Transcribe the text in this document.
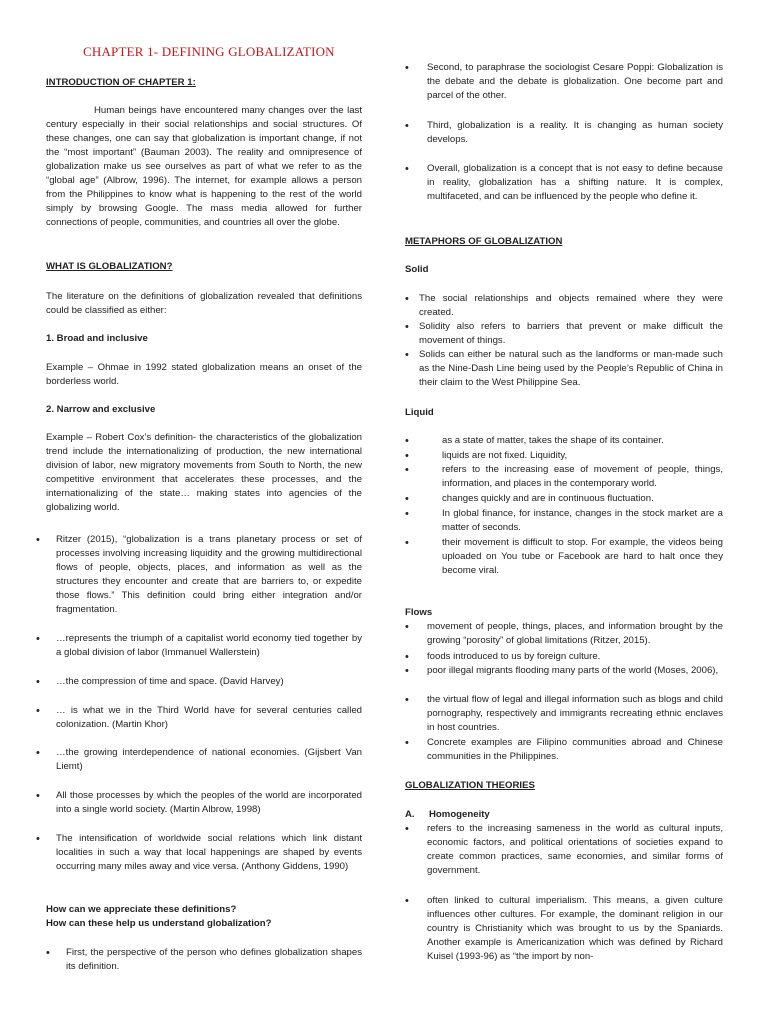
CHAPTER 1- DEFINING GLOBALIZATION
INTRODUCTION OF CHAPTER 1:

Human beings have encountered many changes over the last century especially in their social relationships and social structures. Of these changes, one can say that globalization is important change, if not the “most important” (Bauman 2003). The reality and omnipresence of globalization make us see ourselves as part of what we refer to as the “global age” (Albrow, 1996). The internet, for example allows a person from the Philippines to know what is happening to the rest of the world simply by browsing Google. The mass media allowed for further connections of people, communities, and countries all over the globe.

WHAT IS GLOBALIZATION?

The literature on the definitions of globalization revealed that definitions could be classified as either:

1. Broad and inclusive

Example – Ohmae in 1992 stated globalization means an onset of the borderless world.

2. Narrow and exclusive

Example – Robert Cox’s definition- the characteristics of the globalization trend include the internationalizing of production, the new international division of labor, new migratory movements from South to North, the new competitive environment that accelerates these processes, and the internationalizing of the state… making states into agencies of the globalizing world.

•	Ritzer (2015), “globalization is a trans planetary process or set of processes involving increasing liquidity and the growing multidirectional flows of people, objects, places, and information as well as the structures they encounter and create that are barriers to, or expedite those flows.” This definition could bring either integration and/or fragmentation.
•	…represents the triumph of a capitalist world economy tied together by a global division of labor (Immanuel Wallerstein)
•	…the compression of time and space. (David Harvey)
•	… is what we in the Third World have for several centuries called colonization. (Martin Khor)
•	…the growing interdependence of national economies. (Gijsbert Van Liemt)
•	All those processes by which the peoples of the world are incorporated into a single world society. (Martin Albrow, 1998)
•	The intensification of worldwide social relations which link distant localities in such a way that local happenings are shaped by events occurring many miles away and vice versa. (Anthony Giddens, 1990)
How can we appreciate these definitions?
How can these help us understand globalization?
•	First, the perspective of the person who defines globalization shapes its definition.
•	Second, to paraphrase the sociologist Cesare Poppi: Globalization is the debate and the debate is globalization. One become part and parcel of the other.
•	Third, globalization is a reality. It is changing as human society develops.
•	Overall, globalization is a concept that is not easy to define because in reality, globalization has a shifting nature. It is complex, multifaceted, and can be influenced by the people who define it.
METAPHORS OF GLOBALIZATION
Solid
•	The social relationships and objects remained where they were created.
•	Solidity also refers to barriers that prevent or make difficult the movement of things.
•	Solids can either be natural such as the landforms or man-made such as the Nine-Dash Line being used by the People’s Republic of China in their claim to the West Philippine Sea.
Liquid
•	as a state of matter, takes the shape of its container.
•	liquids are not fixed. Liquidity,
•	refers to the increasing ease of movement of people, things, information, and places in the contemporary world.
•	changes quickly and are in continuous fluctuation.
•	In global finance, for instance, changes in the stock market are a matter of seconds.
•	their movement is difficult to stop. For example, the videos being uploaded on You tube or Facebook are hard to halt once they become viral.
Flows
•	movement of people, things, places, and information brought by the growing “porosity” of global limitations (Ritzer, 2015).
•	foods introduced to us by foreign culture.
•	poor illegal migrants flooding many parts of the world (Moses, 2006),
•	the virtual flow of legal and illegal information such as blogs and child pornography, respectively and immigrants recreating ethnic enclaves in host countries.
•	Concrete examples are Filipino communities abroad and Chinese communities in the Philippines.
GLOBALIZATION THEORIES
A. Homogeneity
•	refers to the increasing sameness in the world as cultural inputs, economic factors, and political orientations of societies expand to create common practices, same economies, and similar forms of government.
•	often linked to cultural imperialism. This means, a given culture influences other cultures. For example, the dominant religion in our country is Christianity which was brought to us by the Spaniards. Another example is Americanization which was defined by Richard Kuisel (1993-96) as “the import by non-
